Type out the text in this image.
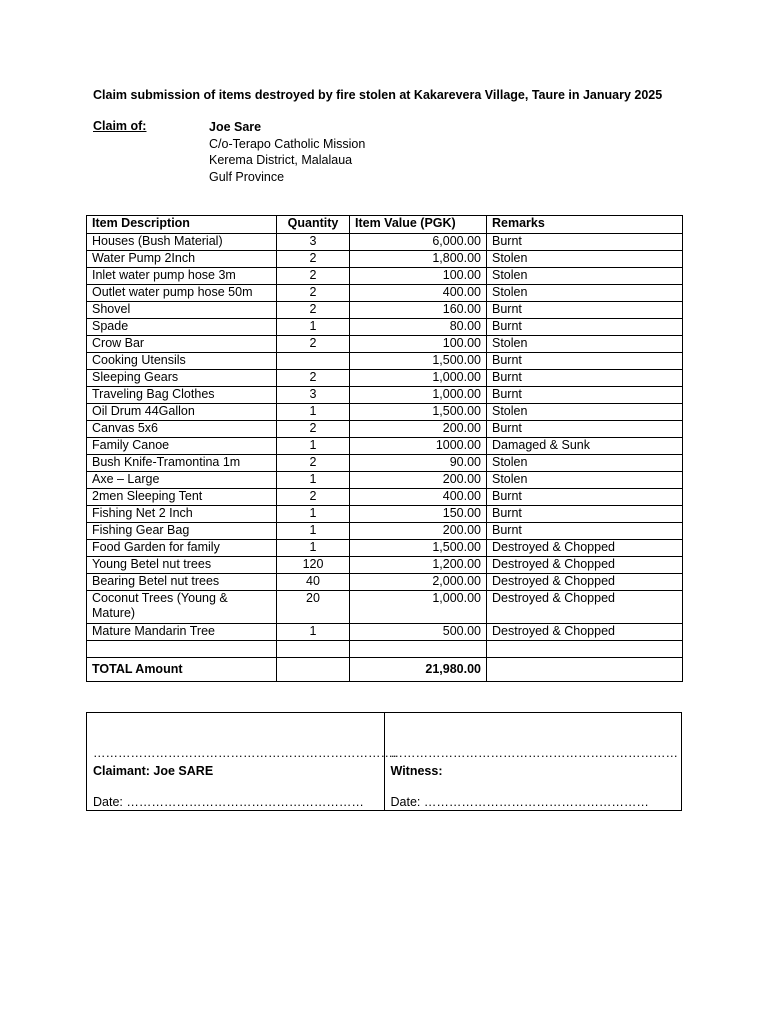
Claim submission of items destroyed by fire stolen at Kakarevera Village, Taure in January 2025
Claim of:	Joe Sare
C/o-Terapo Catholic Mission
Kerema District, Malalaua
Gulf Province
Item Description	Quantity	Item Value (PGK)	Remarks
Houses (Bush Material)	3	6,000.00	Burnt
Water Pump 2Inch	2	1,800.00	Stolen
Inlet water pump hose 3m	2	100.00	Stolen
Outlet water pump hose 50m	2	400.00	Stolen
Shovel	2	160.00	Burnt
Spade	1	80.00	Burnt
Crow Bar	2	100.00	Stolen
Cooking Utensils		1,500.00	Burnt
Sleeping Gears	2	1,000.00	Burnt
Traveling Bag Clothes	3	1,000.00	Burnt
Oil Drum 44Gallon	1	1,500.00	Stolen
Canvas 5x6	2	200.00	Burnt
Family Canoe	1	1000.00	Damaged & Sunk
Bush Knife-Tramontina 1m	2	90.00	Stolen
Axe – Large	1	200.00	Stolen
2men Sleeping Tent	2	400.00	Burnt
Fishing Net 2 Inch	1	150.00	Burnt
Fishing Gear Bag	1	200.00	Burnt
Food Garden for family	1	1,500.00	Destroyed & Chopped
Young Betel nut trees	120	1,200.00	Destroyed & Chopped
Bearing Betel nut trees	40	2,000.00	Destroyed & Chopped
Coconut Trees (Young & Mature)	20	1,000.00	Destroyed & Chopped
Mature Mandarin Tree	1	500.00	Destroyed & Chopped

TOTAL Amount		21,980.00	
……………………………………………………………….
Claimant: Joe SARE
Date: …………………………………………………

……………………………………………………………
Witness:
Date: ………………………………………………
